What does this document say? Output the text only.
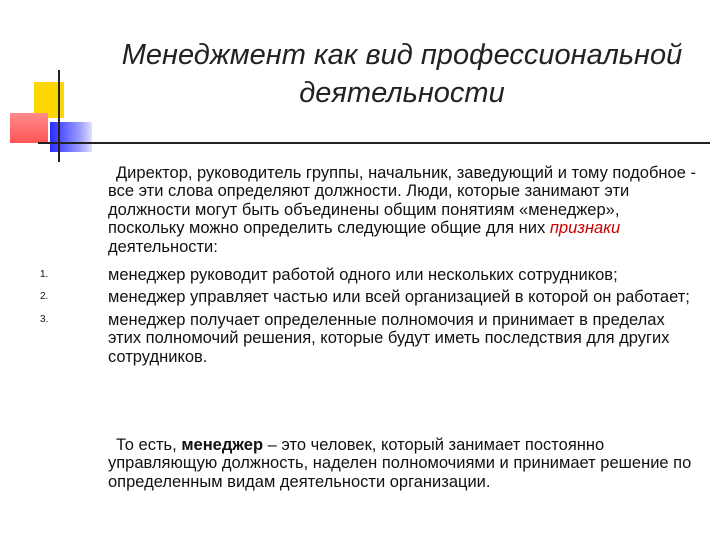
Менеджмент как вид профессиональной
деятельности
Директор, руководитель группы, начальник, заведующий и тому подобное - все эти слова определяют должности. Люди, которые занимают эти должности могут быть объединены общим понятиям «менеджер», поскольку можно определить следующие общие для них признаки деятельности:
1.	менеджер руководит работой одного или нескольких сотрудников;
2.	менеджер управляет частью или всей организацией в которой он работает;
3.	менеджер получает определенные полномочия и принимает в пределах этих полномочий решения, которые будут иметь последствия для других сотрудников.
То есть, менеджер – это человек, который занимает постоянно управляющую должность, наделен полномочиями и принимает решение по определенным видам деятельности организации.
